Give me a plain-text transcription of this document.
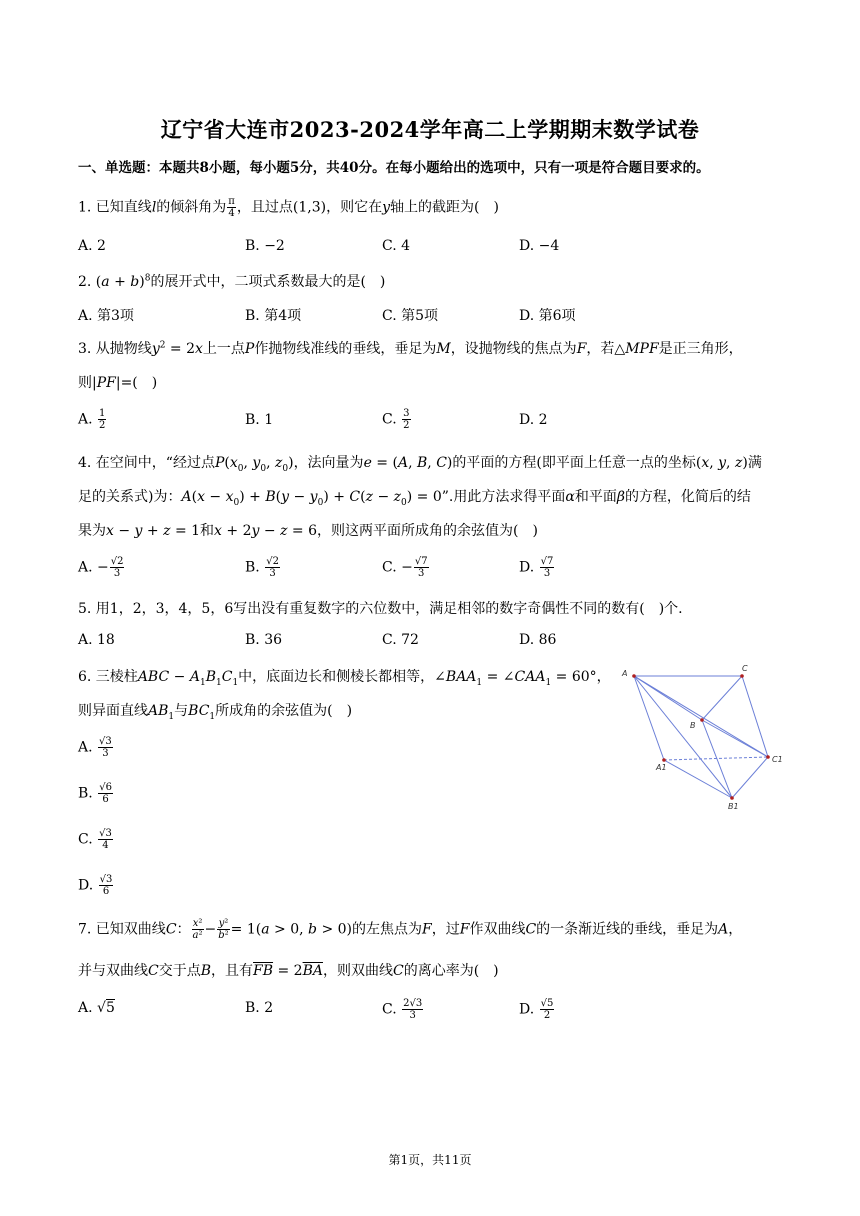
辽宁省大连市2023-2024学年高二上学期期末数学试卷
一、单选题：本题共8小题，每小题5分，共40分。在每小题给出的选项中，只有一项是符合题目要求的。
1. 已知直线l的倾斜角为 $\frac{\pi}{4}$ ，且过点(1,3)，则它在y轴上的截距为(　)
A. 2	B. −2	C. 4	D. −4
2. $(a + b)^8$的展开式中，二项式系数最大的是(　)
A. 第3项	B. 第4项	C. 第5项	D. 第6项
3. 从抛物线$y^2 = 2x$上一点P作抛物线准线的垂线，垂足为M，设抛物线的焦点为F，若△MPF是正三角形，
则|PF|=(　)
A. $\frac{1}{2}$	B. 1	C. $\frac{3}{2}$	D. 2
4. 在空间中，“经过点$P(x_0$, $y_0$, $z_0$)，法向量为e = (A, B, C)的平面的方程(即平面上任意一点的坐标(x, y, z)满
足的关系式)为：$A(x - x_0) + B(y - y_0) + C(z - z_0) = 0$”.用此方法求得平面α和平面β的方程，化简后的结
果为x − y + z = 1和x + 2y − z = 6，则这两平面所成角的余弦值为(　)
A. − $\frac{√2}{3}$	B. $\frac{√2}{3}$	C. − $\frac{√7}{3}$	D. $\frac{√7}{3}$
5. 用1，2，3，4，5，6写出没有重复数字的六位数中，满足相邻的数字奇偶性不同的数有(　)个.
A. 18	B. 36	C. 72	D. 86
6. 三棱柱ABC − $A_1B_1C_1$中，底面边长和侧棱长都相等，$\angle BAA_1$ = $\angle CAA_1 = 60^\circ$，
则异面直线$AB_1$与$BC_1$所成角的余弦值为(　)
A. $\frac{√3}{3}$
B. $\frac{√6}{6}$
C. $\frac{√3}{4}$
D. $\frac{√3}{6}$
A
C
B
A1
C1
B1
7. 已知双曲线C： $\frac{\text{x²}}{\text{a²}} - \frac{\text{y²}}{\text{b²}} = 1(a > 0$, b > 0)的左焦点为F，过F作双曲线C的一条渐近线的垂线，垂足为A，
并与双曲线C交于点B，且有$\overline{FB} = 2\overline{BA}$，则双曲线C的离心率为(　)
A. √5	B. 2	C. $\frac{2√3}{3}$	D. $\frac{√5}{2}$
第1页，共11页
